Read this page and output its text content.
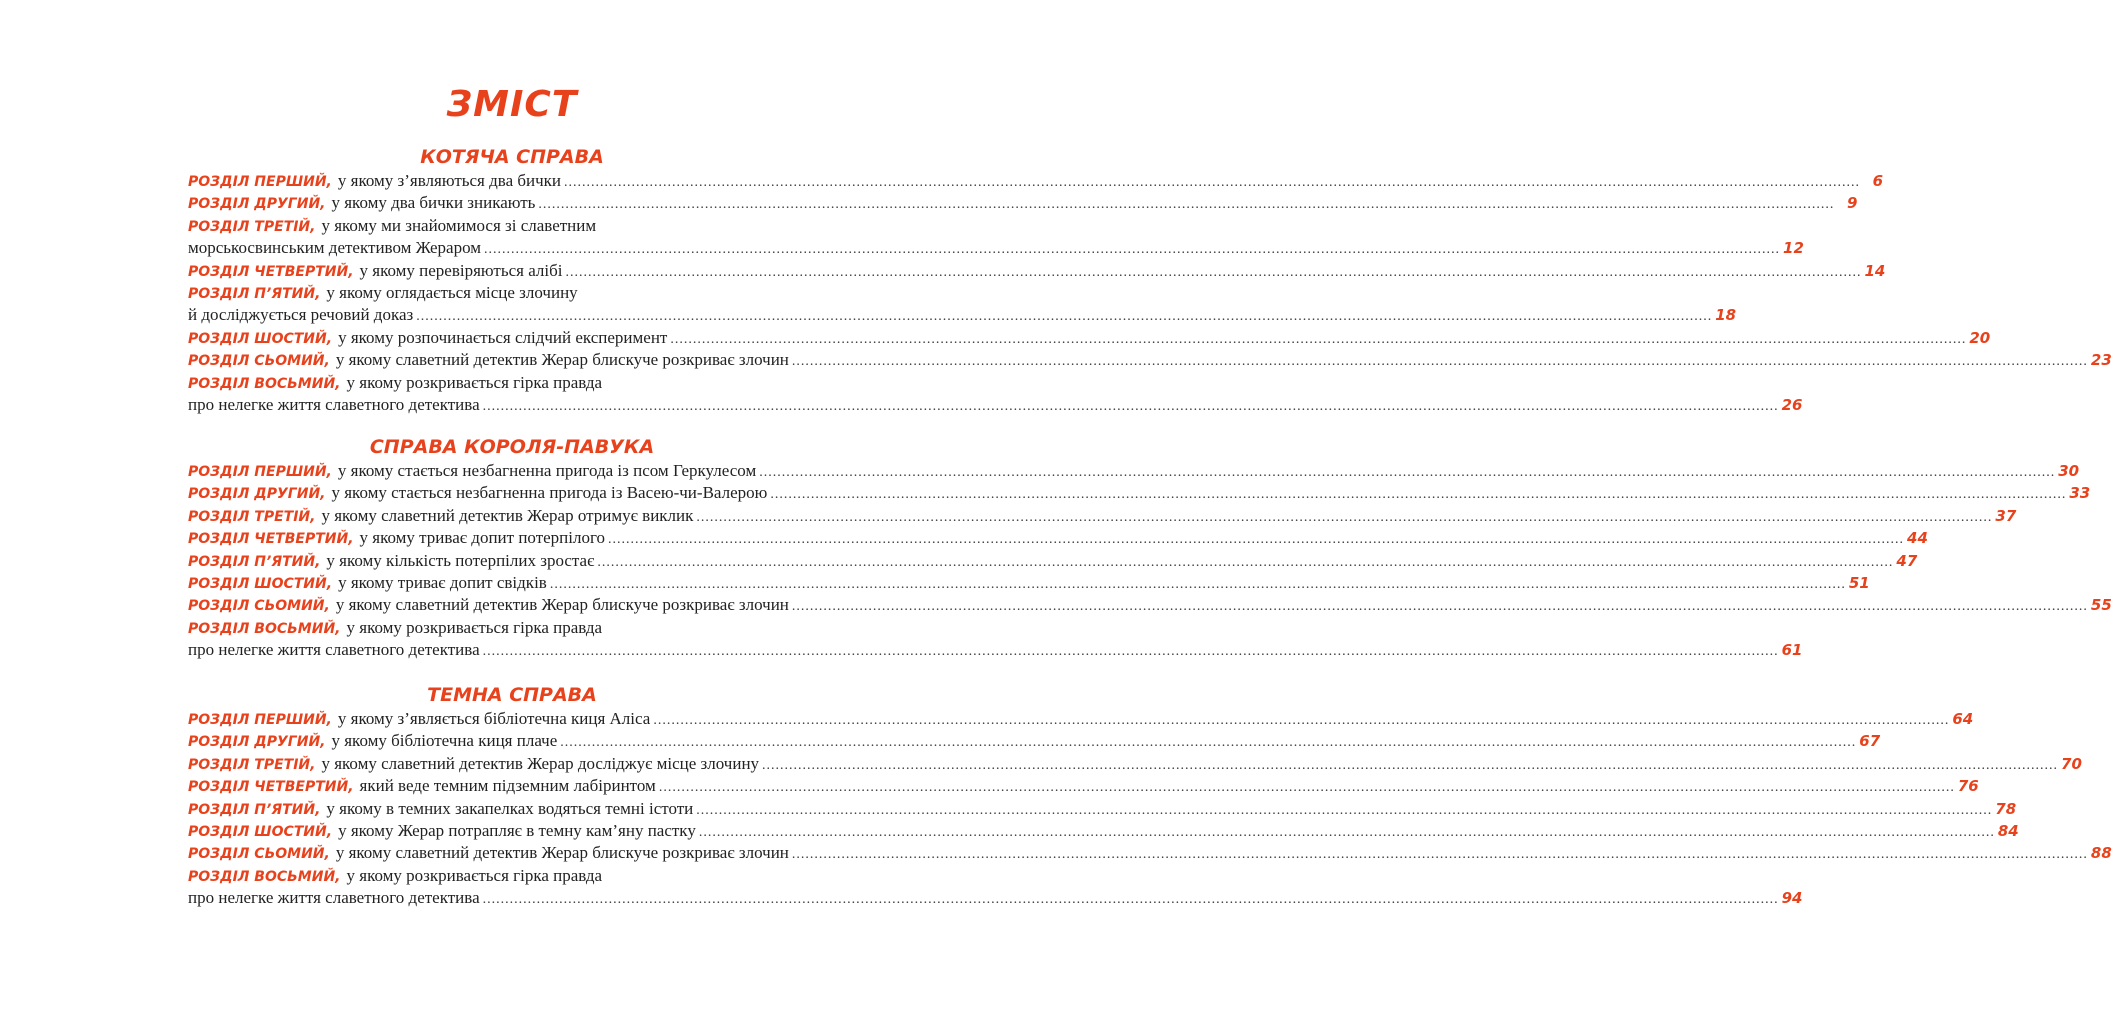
ЗМІСТ
КОТЯЧА СПРАВА
РОЗДІЛ ПЕРШИЙ, у якому з’являються два бички .....	6
РОЗДІЛ ДРУГИЙ, у якому два бички зникають .....	9
РОЗДІЛ ТРЕТІЙ, у якому ми знайомимося зі славетним
морськосвинським детективом Жераром .....	12
РОЗДІЛ ЧЕТВЕРТИЙ, у якому перевіряються алібі .....	14
РОЗДІЛ П’ЯТИЙ, у якому оглядається місце злочину
й досліджується речовий доказ .....	18
РОЗДІЛ ШОСТИЙ, у якому розпочинається слідчий експеримент .....	20
РОЗДІЛ СЬОМИЙ, у якому славетний детектив Жерар блискуче розкриває злочин .....	23
РОЗДІЛ ВОСЬМИЙ, у якому розкривається гірка правда
про нелегке життя славетного детектива .....	26
СПРАВА КОРОЛЯ-ПАВУКА
РОЗДІЛ ПЕРШИЙ, у якому стається незбагненна пригода із псом Геркулесом .....	30
РОЗДІЛ ДРУГИЙ, у якому стається незбагненна пригода із Васею-чи-Валерою .....	33
РОЗДІЛ ТРЕТІЙ, у якому славетний детектив Жерар отримує виклик .....	37
РОЗДІЛ ЧЕТВЕРТИЙ, у якому триває допит потерпілого .....	44
РОЗДІЛ П’ЯТИЙ, у якому кількість потерпілих зростає .....	47
РОЗДІЛ ШОСТИЙ, у якому триває допит свідків .....	51
РОЗДІЛ СЬОМИЙ, у якому славетний детектив Жерар блискуче розкриває злочин .....	55
РОЗДІЛ ВОСЬМИЙ, у якому розкривається гірка правда
про нелегке життя славетного детектива .....	61
ТЕМНА СПРАВА
РОЗДІЛ ПЕРШИЙ, у якому з’являється бібліотечна киця Аліса .....	64
РОЗДІЛ ДРУГИЙ, у якому бібліотечна киця плаче .....	67
РОЗДІЛ ТРЕТІЙ, у якому славетний детектив Жерар досліджує місце злочину .....	70
РОЗДІЛ ЧЕТВЕРТИЙ, який веде темним підземним лабіринтом .....	76
РОЗДІЛ П’ЯТИЙ, у якому в темних закапелках водяться темні істоти .....	78
РОЗДІЛ ШОСТИЙ, у якому Жерар потрапляє в темну кам’яну пастку .....	84
РОЗДІЛ СЬОМИЙ, у якому славетний детектив Жерар блискуче розкриває злочин .....	88
РОЗДІЛ ВОСЬМИЙ, у якому розкривається гірка правда
про нелегке життя славетного детектива .....	94
